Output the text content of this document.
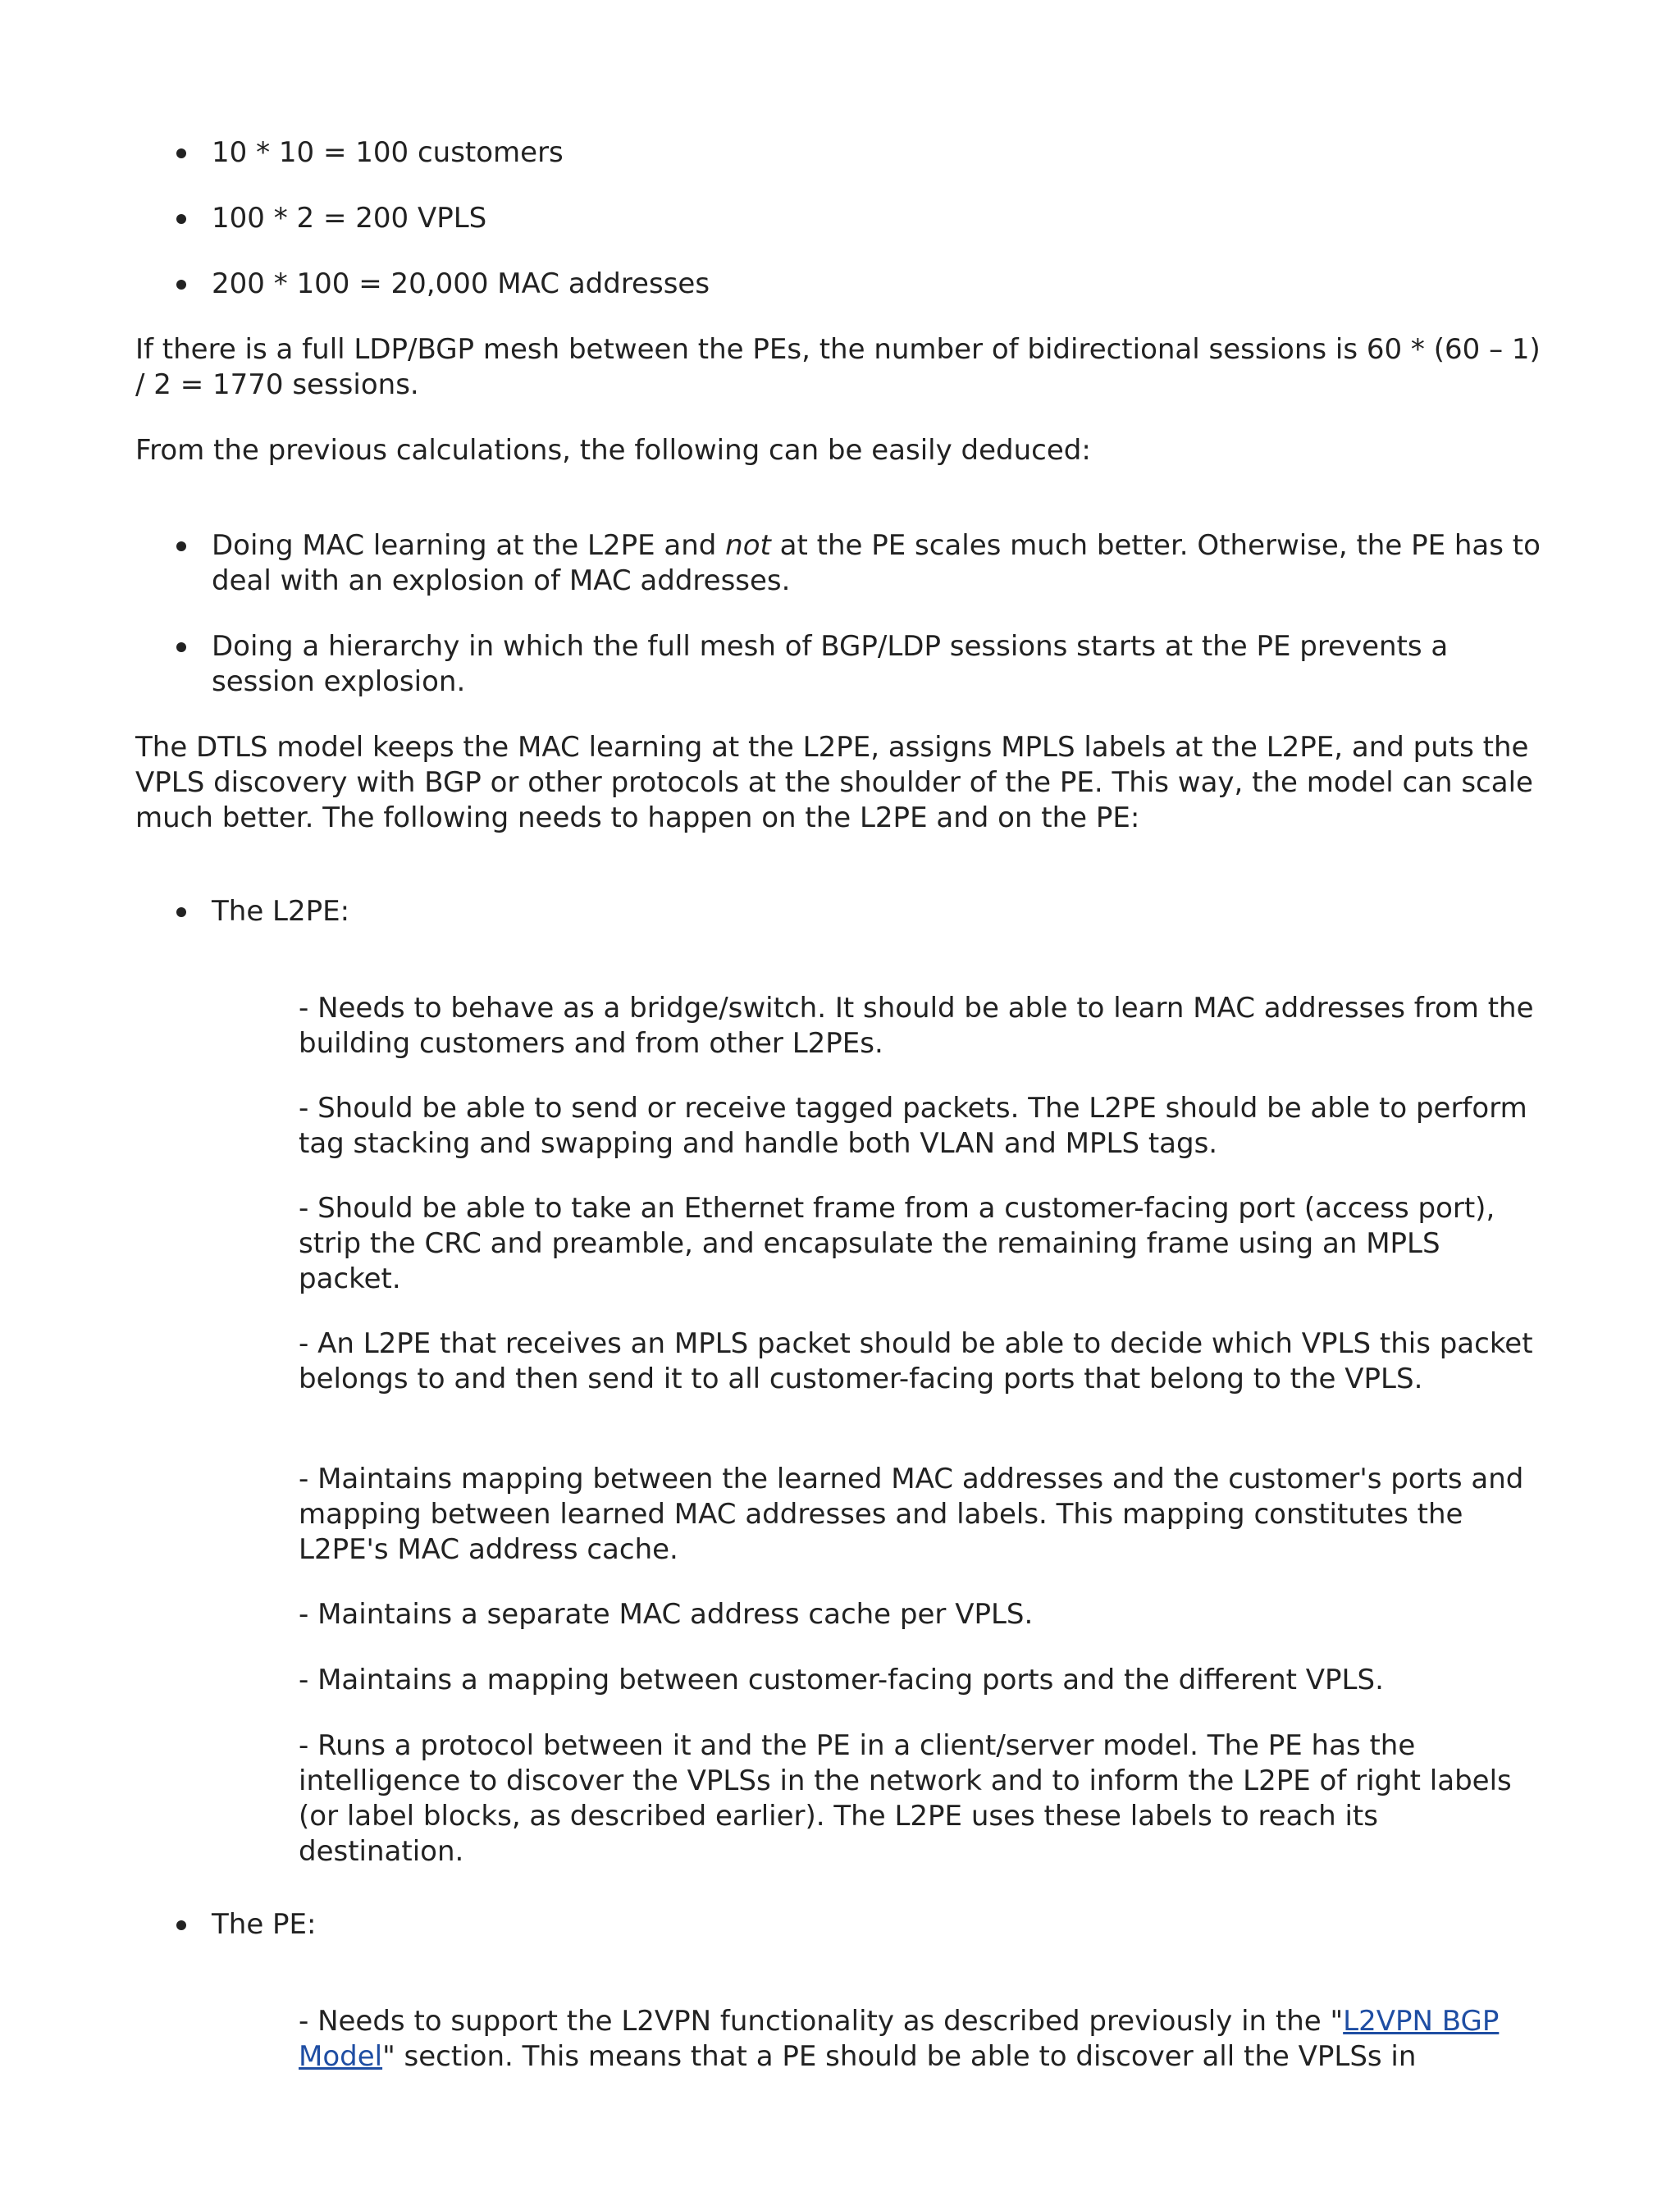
10 * 10 = 100 customers

100 * 2 = 200 VPLS

200 * 100 = 20,000 MAC addresses

If there is a full LDP/BGP mesh between the PEs, the number of bidirectional sessions is 60 * (60 – 1) / 2 = 1770 sessions.

From the previous calculations, the following can be easily deduced:

Doing MAC learning at the L2PE and not at the PE scales much better. Otherwise, the PE has to deal with an explosion of MAC addresses.

Doing a hierarchy in which the full mesh of BGP/LDP sessions starts at the PE prevents a session explosion.

The DTLS model keeps the MAC learning at the L2PE, assigns MPLS labels at the L2PE, and puts the VPLS discovery with BGP or other protocols at the shoulder of the PE. This way, the model can scale much better. The following needs to happen on the L2PE and on the PE:

The L2PE:

- Needs to behave as a bridge/switch. It should be able to learn MAC addresses from the building customers and from other L2PEs.

- Should be able to send or receive tagged packets. The L2PE should be able to perform tag stacking and swapping and handle both VLAN and MPLS tags.

- Should be able to take an Ethernet frame from a customer-facing port (access port), strip the CRC and preamble, and encapsulate the remaining frame using an MPLS packet.

- An L2PE that receives an MPLS packet should be able to decide which VPLS this packet belongs to and then send it to all customer-facing ports that belong to the VPLS.

- Maintains mapping between the learned MAC addresses and the customer's ports and mapping between learned MAC addresses and labels. This mapping constitutes the L2PE's MAC address cache.

- Maintains a separate MAC address cache per VPLS.

- Maintains a mapping between customer-facing ports and the different VPLS.

- Runs a protocol between it and the PE in a client/server model. The PE has the intelligence to discover the VPLSs in the network and to inform the L2PE of right labels (or label blocks, as described earlier). The L2PE uses these labels to reach its destination.

The PE:

- Needs to support the L2VPN functionality as described previously in the "L2VPN BGP Model" section. This means that a PE should be able to discover all the VPLSs in
